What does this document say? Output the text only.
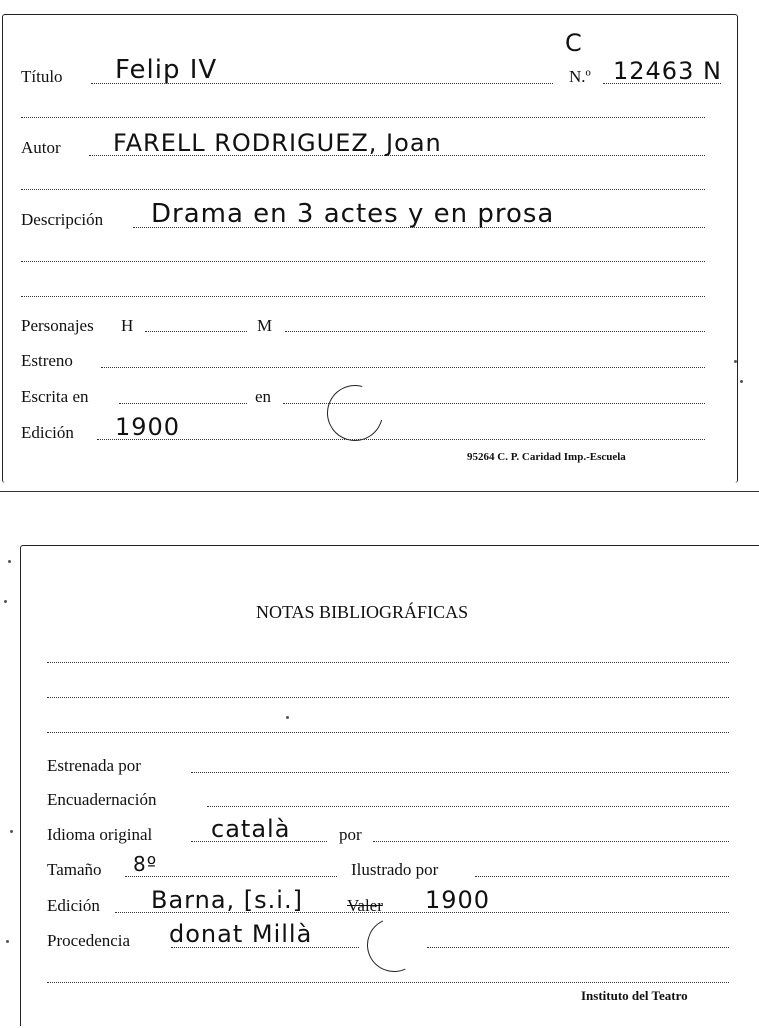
C
Título Felip IV	N.º 12463 N
Autor FARELL RODRIGUEZ, Joan
Descripción Drama en 3 actes y en prosa
Personajes H	M
Estreno
Escrita en	en
Edición 1900
95264 C. P. Caridad Imp.-Escuela
NOTAS BIBLIOGRÁFICAS
Estrenada por
Encuadernación
Idioma original català	por
Tamaño 8º	Ilustrado por
Edición Barna, [s.i.]	Valer 1900
Procedencia donat Millà
Instituto del Teatro
